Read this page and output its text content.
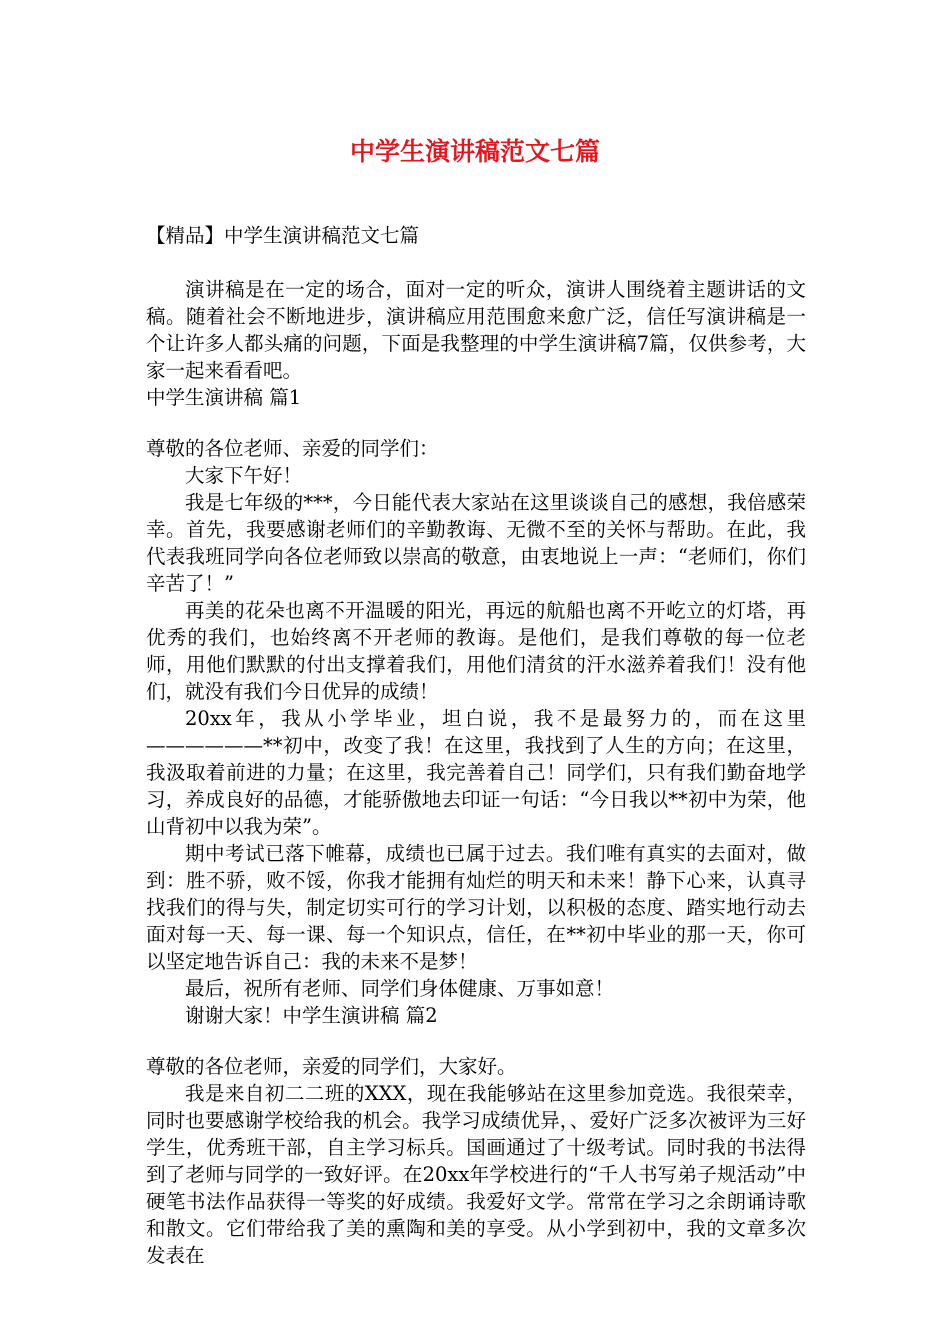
中学生演讲稿范文七篇

【精品】中学生演讲稿范文七篇

演讲稿是在一定的场合，面对一定的听众，演讲人围绕着主题讲话的文稿。随着社会不断地进步，演讲稿应用范围愈来愈广泛，信任写演讲稿是一个让许多人都头痛的问题，下面是我整理的中学生演讲稿7篇，仅供参考，大家一起来看看吧。

中学生演讲稿 篇1

尊敬的各位老师、亲爱的同学们：

大家下午好！

我是七年级的***，今日能代表大家站在这里谈谈自己的感想，我倍感荣幸。首先，我要感谢老师们的辛勤教诲、无微不至的关怀与帮助。在此，我代表我班同学向各位老师致以崇高的敬意，由衷地说上一声：“老师们，你们辛苦了！”

再美的花朵也离不开温暖的阳光，再远的航船也离不开屹立的灯塔，再优秀的我们，也始终离不开老师的教诲。是他们，是我们尊敬的每一位老师，用他们默默的付出支撑着我们，用他们清贫的汗水滋养着我们！没有他们，就没有我们今日优异的成绩！

20xx年，我从小学毕业，坦白说，我不是最努力的，而在这里——————**初中，改变了我！在这里，我找到了人生的方向；在这里，我汲取着前进的力量；在这里，我完善着自己！同学们，只有我们勤奋地学习，养成良好的品德，才能骄傲地去印证一句话：“今日我以**初中为荣，他山背初中以我为荣”。

期中考试已落下帷幕，成绩也已属于过去。我们唯有真实的去面对，做到：胜不骄，败不馁，你我才能拥有灿烂的明天和未来！静下心来，认真寻找我们的得与失，制定切实可行的学习计划，以积极的态度、踏实地行动去面对每一天、每一课、每一个知识点，信任，在**初中毕业的那一天，你可以坚定地告诉自己：我的未来不是梦！

最后，祝所有老师、同学们身体健康、万事如意！

谢谢大家！中学生演讲稿 篇2

尊敬的各位老师，亲爱的同学们，大家好。

我是来自初二二班的XXX，现在我能够站在这里参加竞选。我很荣幸，同时也要感谢学校给我的机会。我学习成绩优异，、爱好广泛多次被评为三好学生，优秀班干部，自主学习标兵。国画通过了十级考试。同时我的书法得到了老师与同学的一致好评。在20xx年学校进行的“千人书写弟子规活动”中硬笔书法作品获得一等奖的好成绩。我爱好文学。常常在学习之余朗诵诗歌和散文。它们带给我了美的熏陶和美的享受。从小学到初中，我的文章多次发表在
